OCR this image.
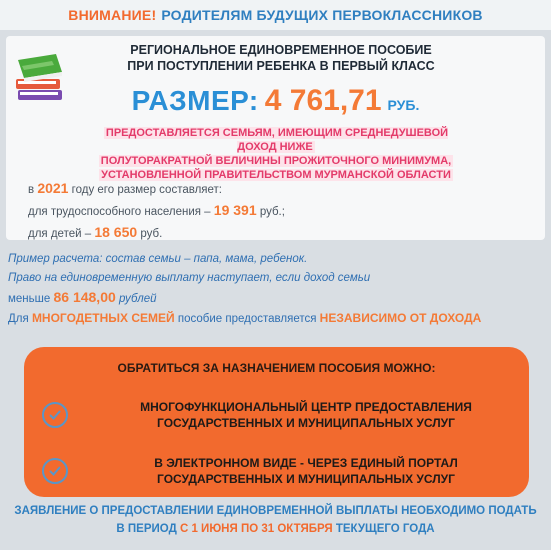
ВНИМАНИЕ! РОДИТЕЛЯМ БУДУЩИХ ПЕРВОКЛАССНИКОВ
РЕГИОНАЛЬНОЕ ЕДИНОВРЕМЕННОЕ ПОСОБИЕ
ПРИ ПОСТУПЛЕНИИ РЕБЕНКА В ПЕРВЫЙ КЛАСС
РАЗМЕР: 4 761,71 РУБ.
ПРЕДОСТАВЛЯЕТСЯ СЕМЬЯМ, ИМЕЮЩИМ СРЕДНЕДУШЕВОЙ ДОХОД НИЖЕ
ПОЛУТОРАКРАТНОЙ ВЕЛИЧИНЫ ПРОЖИТОЧНОГО МИНИМУМА,
УСТАНОВЛЕННОЙ ПРАВИТЕЛЬСТВОМ МУРМАНСКОЙ ОБЛАСТИ
в 2021 году его размер составляет:
для трудоспособного населения – 19 391 руб.;
для детей – 18 650 руб.
Пример расчета: состав семьи – папа, мама, ребенок.
Право на единовременную выплату наступает, если доход семьи
меньше 86 148,00 рублей
Для МНОГОДЕТНЫХ СЕМЕЙ пособие предоставляется НЕЗАВИСИМО ОТ ДОХОДА
ОБРАТИТЬСЯ ЗА НАЗНАЧЕНИЕМ ПОСОБИЯ МОЖНО:
МНОГОФУНКЦИОНАЛЬНЫЙ ЦЕНТР ПРЕДОСТАВЛЕНИЯ
ГОСУДАРСТВЕННЫХ И МУНИЦИПАЛЬНЫХ УСЛУГ
В ЭЛЕКТРОННОМ ВИДЕ - ЧЕРЕЗ ЕДИНЫЙ ПОРТАЛ
ГОСУДАРСТВЕННЫХ И МУНИЦИПАЛЬНЫХ УСЛУГ
ЗАЯВЛЕНИЕ О ПРЕДОСТАВЛЕНИИ ЕДИНОВРЕМЕННОЙ ВЫПЛАТЫ НЕОБХОДИМО ПОДАТЬ
В ПЕРИОД С 1 ИЮНЯ ПО 31 ОКТЯБРЯ ТЕКУЩЕГО ГОДА
